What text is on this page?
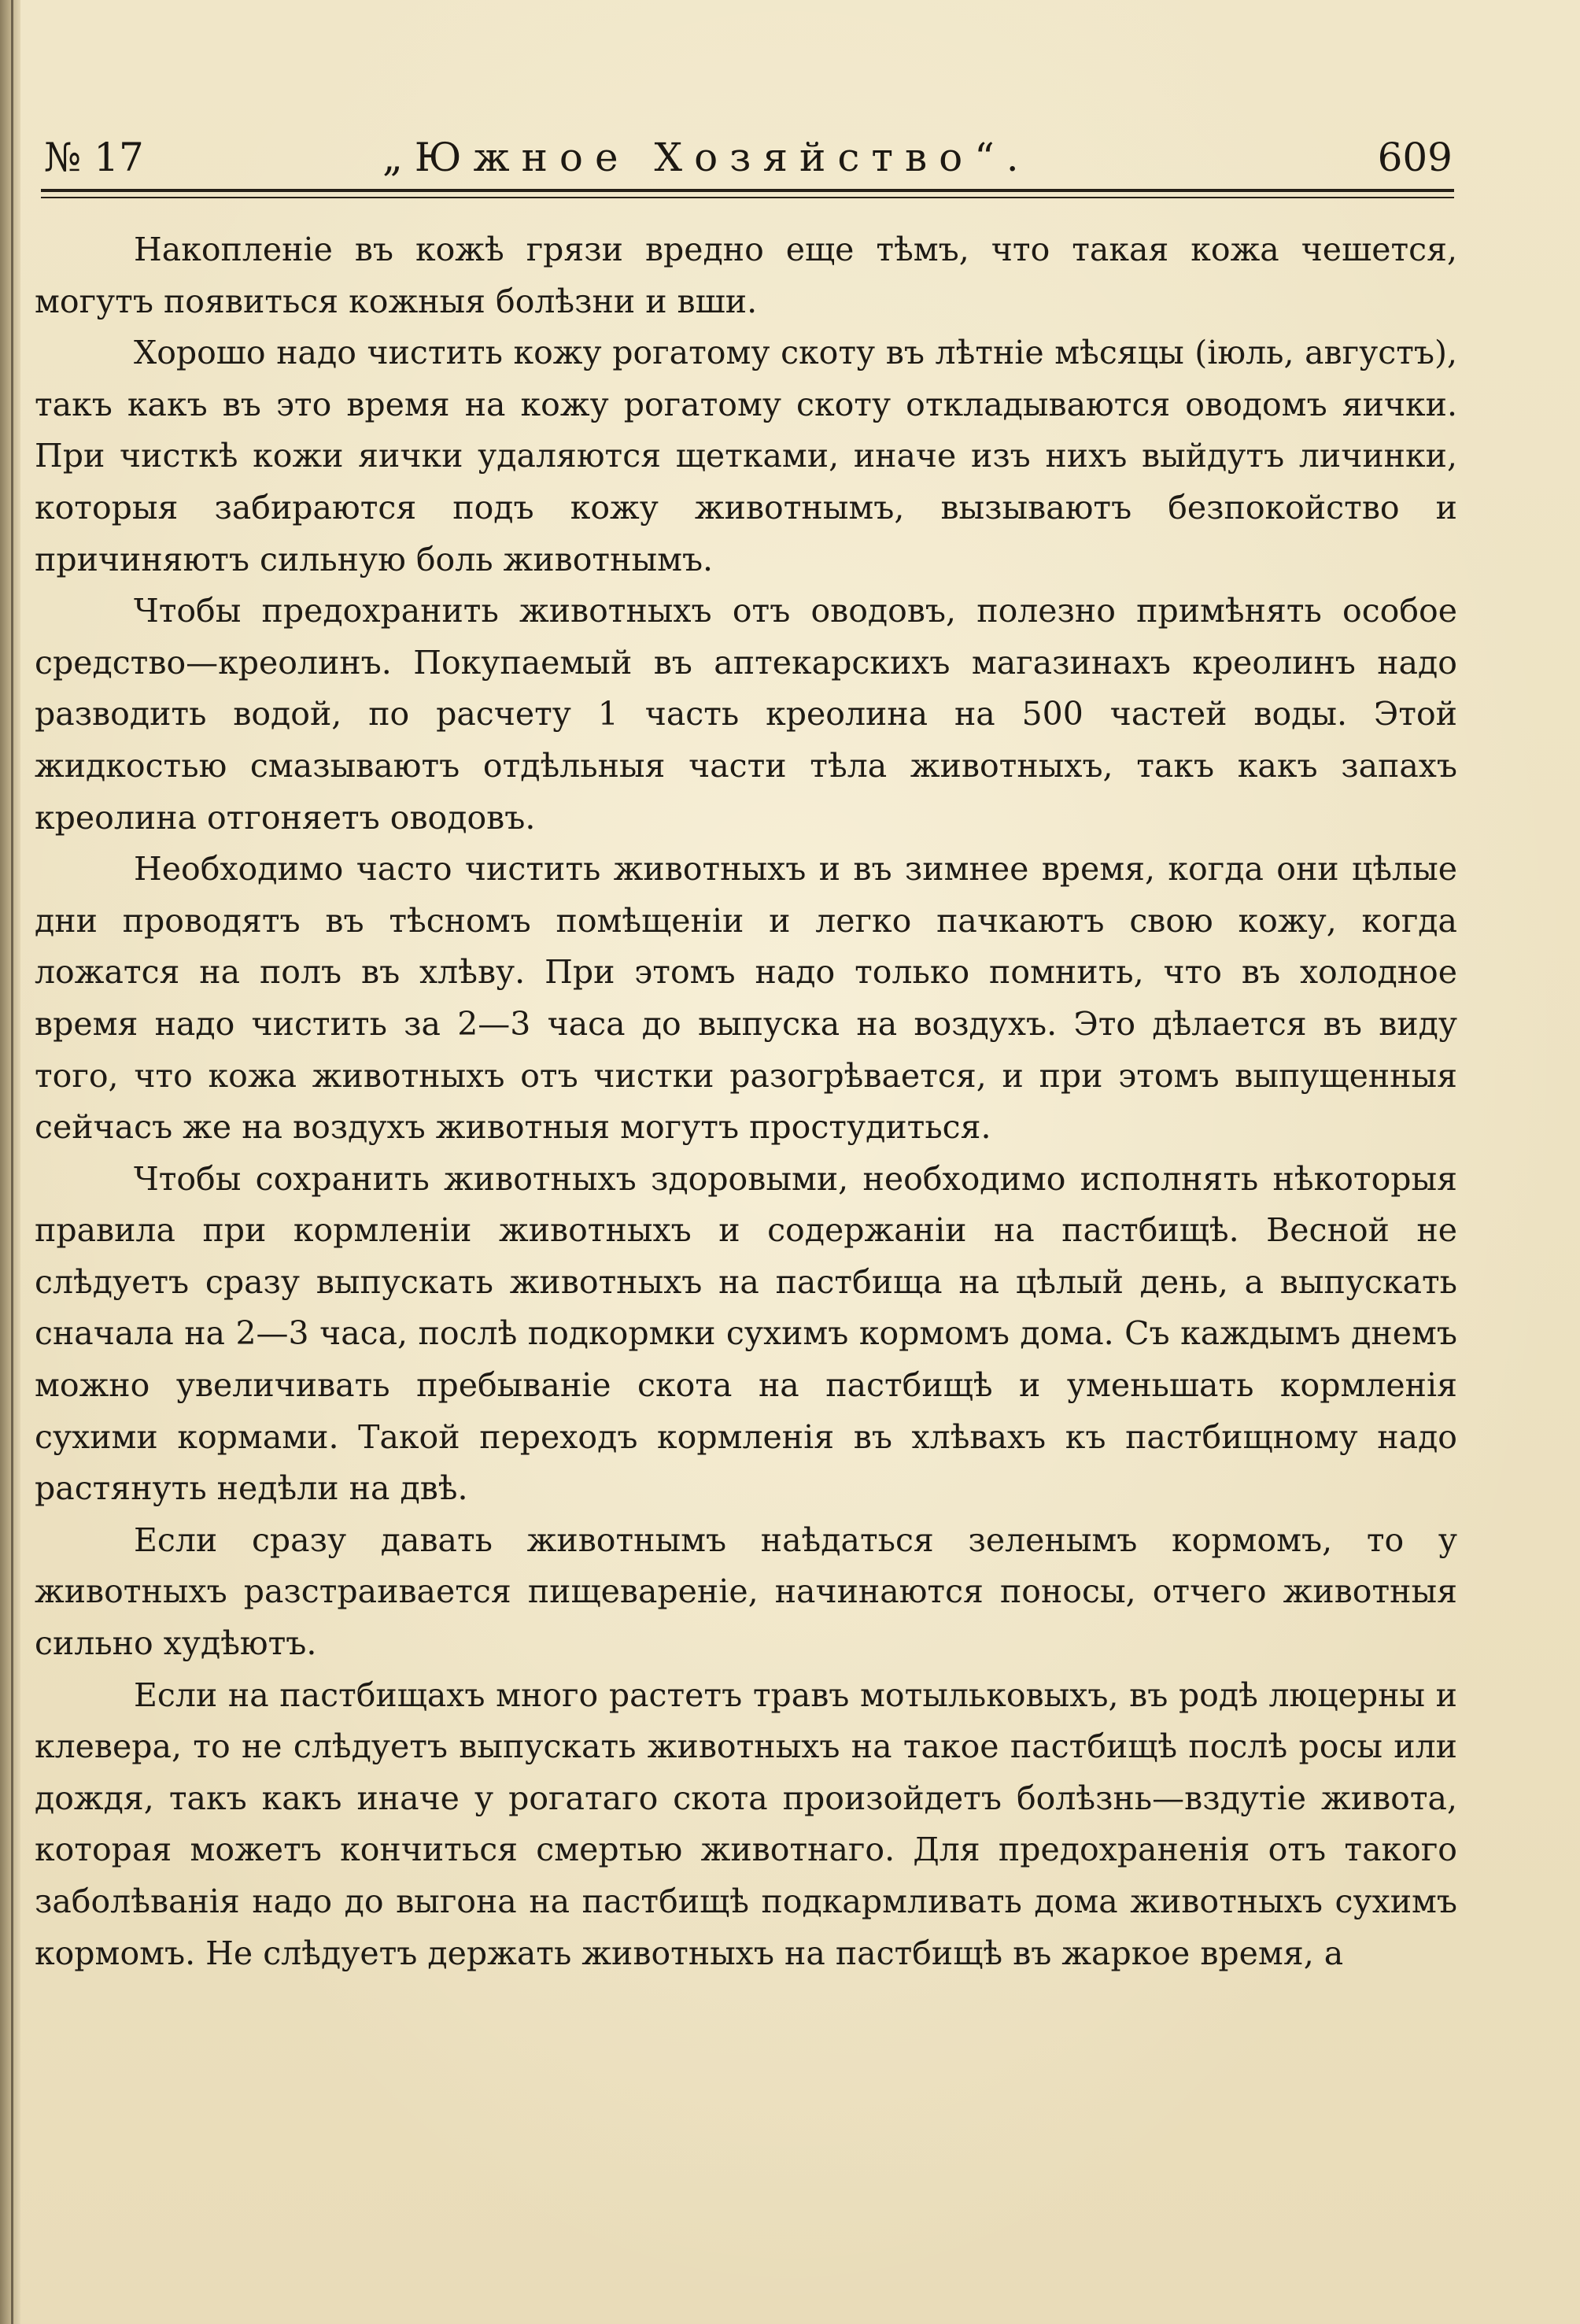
№ 17	„Южное Хозяйство“.	609

Накопленіе въ кожѣ грязи вредно еще тѣмъ, что такая кожа чешется, могутъ появиться кожныя болѣзни и вши.

Хорошо надо чистить кожу рогатому скоту въ лѣтніе мѣсяцы (іюль, августъ), такъ какъ въ это время на кожу рогатому скоту откладываются оводомъ яички. При чисткѣ кожи яички удаляются щетками, иначе изъ нихъ выйдутъ личинки, которыя забираются подъ кожу животнымъ, вызываютъ безпокойство и причиняютъ сильную боль животнымъ.

Чтобы предохранить животныхъ отъ оводовъ, полезно примѣнять особое средство—креолинъ. Покупаемый въ аптекарскихъ магазинахъ креолинъ надо разводить водой, по расчету 1 часть креолина на 500 частей воды. Этой жидкостью смазываютъ отдѣльныя части тѣла животныхъ, такъ какъ запахъ креолина отгоняетъ оводовъ.

Необходимо часто чистить животныхъ и въ зимнее время, когда они цѣлые дни проводятъ въ тѣсномъ помѣщеніи и легко пачкаютъ свою кожу, когда ложатся на полъ въ хлѣву. При этомъ надо только помнить, что въ холодное время надо чистить за 2—3 часа до выпуска на воздухъ. Это дѣлается въ виду того, что кожа животныхъ отъ чистки разогрѣвается, и при этомъ выпущенныя сейчасъ же на воздухъ животныя могутъ простудиться.

Чтобы сохранить животныхъ здоровыми, необходимо исполнять нѣкоторыя правила при кормленіи животныхъ и содержаніи на пастбищѣ. Весной не слѣдуетъ сразу выпускать животныхъ на пастбища на цѣлый день, а выпускать сначала на 2—3 часа, послѣ подкормки сухимъ кормомъ дома. Съ каждымъ днемъ можно увеличивать пребываніе скота на пастбищѣ и уменьшать кормленія сухими кормами. Такой переходъ кормленія въ хлѣвахъ къ пастбищному надо растянуть недѣли на двѣ.

Если сразу давать животнымъ наѣдаться зеленымъ кормомъ, то у животныхъ разстраивается пищевареніе, начинаются поносы, отчего животныя сильно худѣютъ.

Если на пастбищахъ много растетъ травъ мотыльковыхъ, въ родѣ люцерны и клевера, то не слѣдуетъ выпускать животныхъ на такое пастбищѣ послѣ росы или дождя, такъ какъ иначе у рогатаго скота произойдетъ болѣзнь—вздутіе живота, которая можетъ кончиться смертью животнаго. Для предохраненія отъ такого заболѣванія надо до выгона на пастбищѣ подкармливать дома животныхъ сухимъ кормомъ. Не слѣдуетъ держать животныхъ на пастбищѣ въ жаркое время, а
